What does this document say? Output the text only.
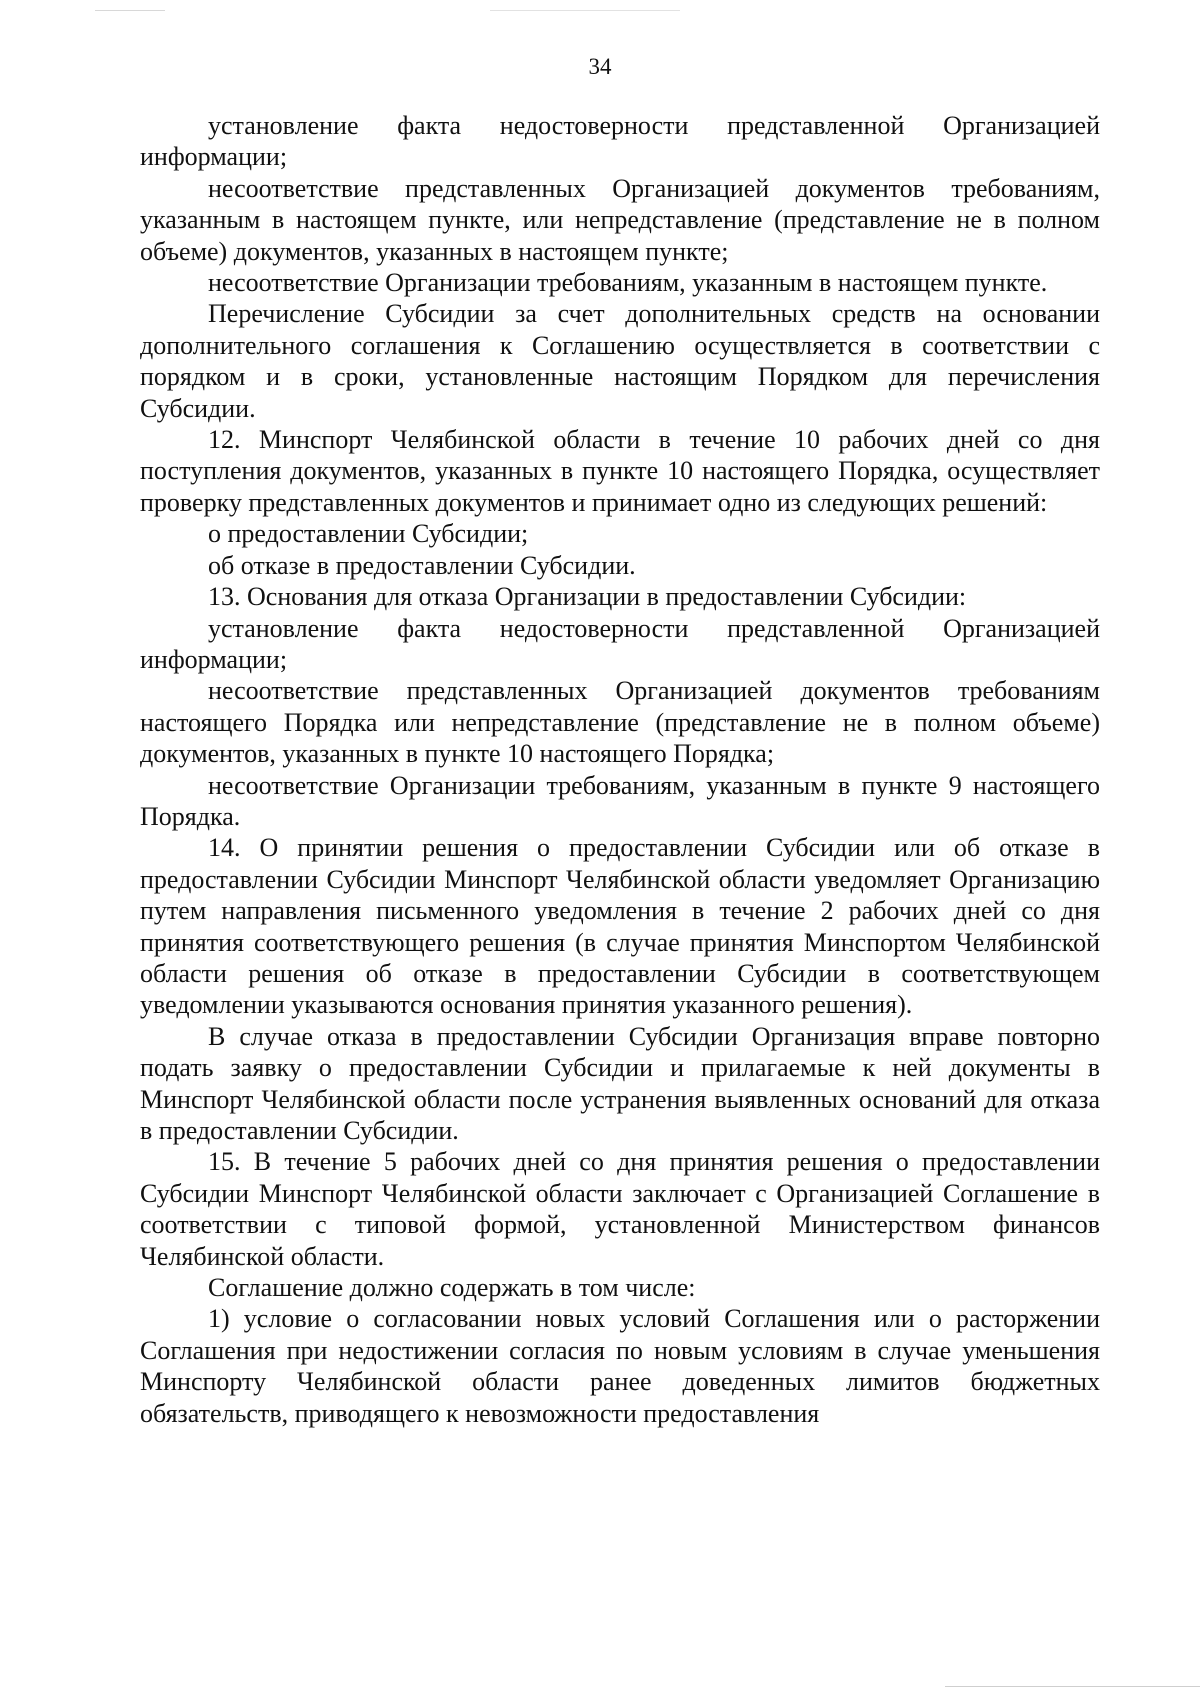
34

установление факта недостоверности представленной Организацией информации;

несоответствие представленных Организацией документов требованиям, указанным в настоящем пункте, или непредставление (представление не в полном объеме) документов, указанных в настоящем пункте;

несоответствие Организации требованиям, указанным в настоящем пункте.

Перечисление Субсидии за счет дополнительных средств на основании дополнительного соглашения к Соглашению осуществляется в соответствии с порядком и в сроки, установленные настоящим Порядком для перечисления Субсидии.

12. Минспорт Челябинской области в течение 10 рабочих дней со дня поступления документов, указанных в пункте 10 настоящего Порядка, осуществляет проверку представленных документов и принимает одно из следующих решений:

о предоставлении Субсидии;

об отказе в предоставлении Субсидии.

13. Основания для отказа Организации в предоставлении Субсидии:

установление факта недостоверности представленной Организацией информации;

несоответствие представленных Организацией документов требованиям настоящего Порядка или непредставление (представление не в полном объеме) документов, указанных в пункте 10 настоящего Порядка;

несоответствие Организации требованиям, указанным в пункте 9 настоящего Порядка.

14. О принятии решения о предоставлении Субсидии или об отказе в предоставлении Субсидии Минспорт Челябинской области уведомляет Организацию путем направления письменного уведомления в течение 2 рабочих дней со дня принятия соответствующего решения (в случае принятия Минспортом Челябинской области решения об отказе в предоставлении Субсидии в соответствующем уведомлении указываются основания принятия указанного решения).

В случае отказа в предоставлении Субсидии Организация вправе повторно подать заявку о предоставлении Субсидии и прилагаемые к ней документы в Минспорт Челябинской области после устранения выявленных оснований для отказа в предоставлении Субсидии.

15. В течение 5 рабочих дней со дня принятия решения о предоставлении Субсидии Минспорт Челябинской области заключает с Организацией Соглашение в соответствии с типовой формой, установленной Министерством финансов Челябинской области.

Соглашение должно содержать в том числе:

1) условие о согласовании новых условий Соглашения или о расторжении Соглашения при недостижении согласия по новым условиям в случае уменьшения Минспорту Челябинской области ранее доведенных лимитов бюджетных обязательств, приводящего к невозможности предоставления
